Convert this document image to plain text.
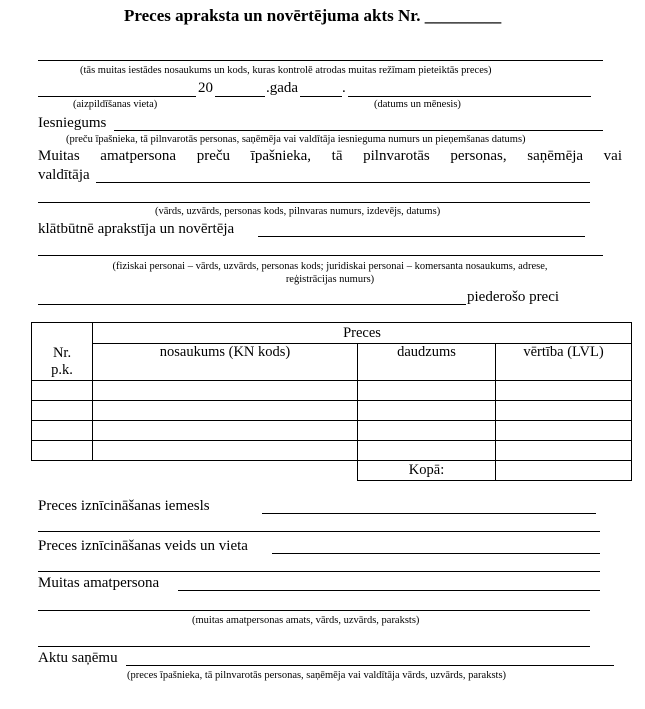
Preces apraksta un novērtējuma akts Nr. _________
(tās muitas iestādes nosaukums un kods, kuras kontrolē atrodas muitas režīmam pieteiktās preces)
20	.gada	.
(aizpildīšanas vieta)	(datums un mēnesis)
Iesniegums
(preču īpašnieka, tā pilnvarotās personas, saņēmēja vai valdītāja iesnieguma numurs un pieņemšanas datums)
Muitas amatpersona preču īpašnieka, tā pilnvarotās personas, saņēmēja vai
valdītāja
(vārds, uzvārds, personas kods, pilnvaras numurs, izdevējs, datums)
klātbūtnē aprakstīja un novērtēja
(fiziskai personai – vārds, uzvārds, personas kods; juridiskai personai – komersanta nosaukums, adrese,
reģistrācijas numurs)
piederošo preci
Nr. p.k.	Preces		
	nosaukums (KN kods)	daudzums	vērtība (LVL)

		Kopā:	
Preces iznīcināšanas iemesls
Preces iznīcināšanas veids un vieta
Muitas amatpersona
(muitas amatpersonas amats, vārds, uzvārds, paraksts)
Aktu saņēmu
(preces īpašnieka, tā pilnvarotās personas, saņēmēja vai valdītāja vārds, uzvārds, paraksts)
